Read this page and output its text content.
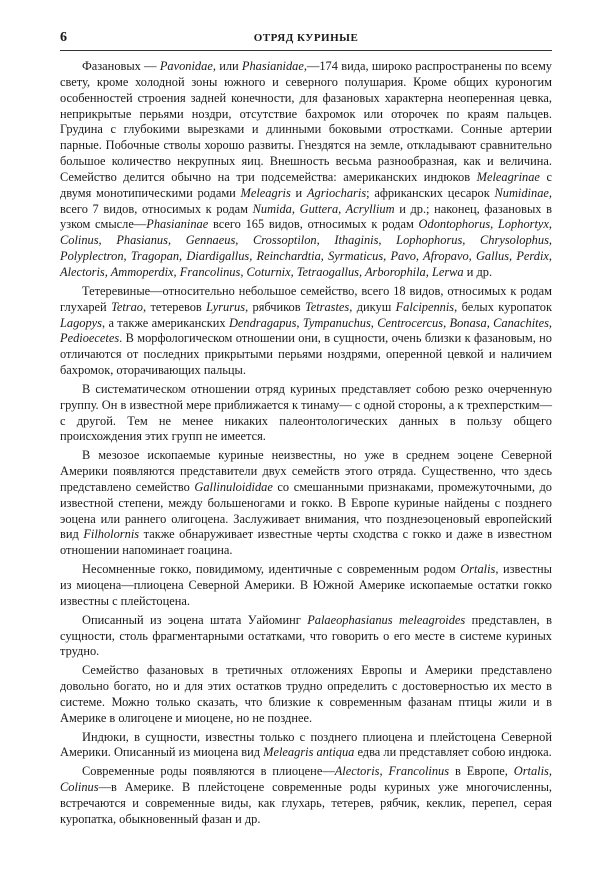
6	ОТРЯД КУРИНЫЕ

Фазановых — Pavonidae, или Phasianidae,—174 вида, широко распространены по всему свету, кроме холодной зоны южного и северного полушария. Кроме общих куроногим особенностей строения задней конечности, для фазановых характерна неоперенная цевка, неприкрытые перьями ноздри, отсутствие бахромок или оторочек по краям пальцев. Грудина с глубокими вырезками и длинными боковыми отростками. Сонные артерии парные. Побочные стволы хорошо развиты. Гнездятся на земле, откладывают сравнительно большое количество некрупных яиц. Внешность весьма разнообразная, как и величина. Семейство делится обычно на три подсемейства: американских индюков Meleagrinae с двумя монотипическими родами Meleagris и Agriocharis; африканских цесарок Numidinae, всего 7 видов, относимых к родам Numida, Guttera, Acryllium и др.; наконец, фазановых в узком смысле—Phasianinae всего 165 видов, относимых к родам Odontophorus, Lophortyx, Colinus, Phasianus, Gennaeus, Crossoptilon, Ithaginis, Lophophorus, Chrysolophus, Polyplectron, Tragopan, Diardigallus, Reinchardtia, Syrmaticus, Pavo, Afropavo, Gallus, Perdix, Alectoris, Ammoperdix, Francolinus, Coturnix, Tetraogallus, Arborophila, Lerwa и др.

Тетеревиные—относительно небольшое семейство, всего 18 видов, относимых к родам глухарей Tetrao, тетеревов Lyrurus, рябчиков Tetrastes, дикуш Falcipennis, белых куропаток Lagopys, а также американских Dendragapus, Tympanuchus, Centrocercus, Bonasa, Canachites, Pedioecetes. В морфологическом отношении они, в сущности, очень близки к фазановым, но отличаются от последних прикрытыми перьями ноздрями, оперенной цевкой и наличием бахромок, оторачивающих пальцы.

В систематическом отношении отряд куриных представляет собою резко очерченную группу. Он в известной мере приближается к тинаму— с одной стороны, а к трехперстким—с другой. Тем не менее никаких палеонтологических данных в пользу общего происхождения этих групп не имеется.

В мезозое ископаемые куриные неизвестны, но уже в среднем эоцене Северной Америки появляются представители двух семейств этого отряда. Существенно, что здесь представлено семейство Gallinuloididae со смешанными признаками, промежуточными, до известной степени, между большеногами и гокко. В Европе куриные найдены с позднего эоцена или раннего олигоцена. Заслуживает внимания, что позднеэоценовый европейский вид Filholornis также обнаруживает известные черты сходства с гокко и даже в известном отношении напоминает гоацина.

Несомненные гокко, повидимому, идентичные с современным родом Ortalis, известны из миоцена—плиоцена Северной Америки. В Южной Америке ископаемые остатки гокко известны с плейстоцена.

Описанный из эоцена штата Уайоминг Palaeophasianus meleagroides представлен, в сущности, столь фрагментарными остатками, что говорить о его месте в системе куриных трудно.

Семейство фазановых в третичных отложениях Европы и Америки представлено довольно богато, но и для этих остатков трудно определить с достоверностью их место в системе. Можно только сказать, что близкие к современным фазанам птицы жили и в Америке в олигоцене и миоцене, но не позднее.

Индюки, в сущности, известны только с позднего плиоцена и плейстоцена Северной Америки. Описанный из миоцена вид Meleagris antiqua едва ли представляет собою индюка.

Современные роды появляются в плиоцене—Alectoris, Francolinus в Европе, Ortalis, Colinus—в Америке. В плейстоцене современные роды куриных уже многочисленны, встречаются и современные виды, как глухарь, тетерев, рябчик, кеклик, перепел, серая куропатка, обыкновенный фазан и др.
